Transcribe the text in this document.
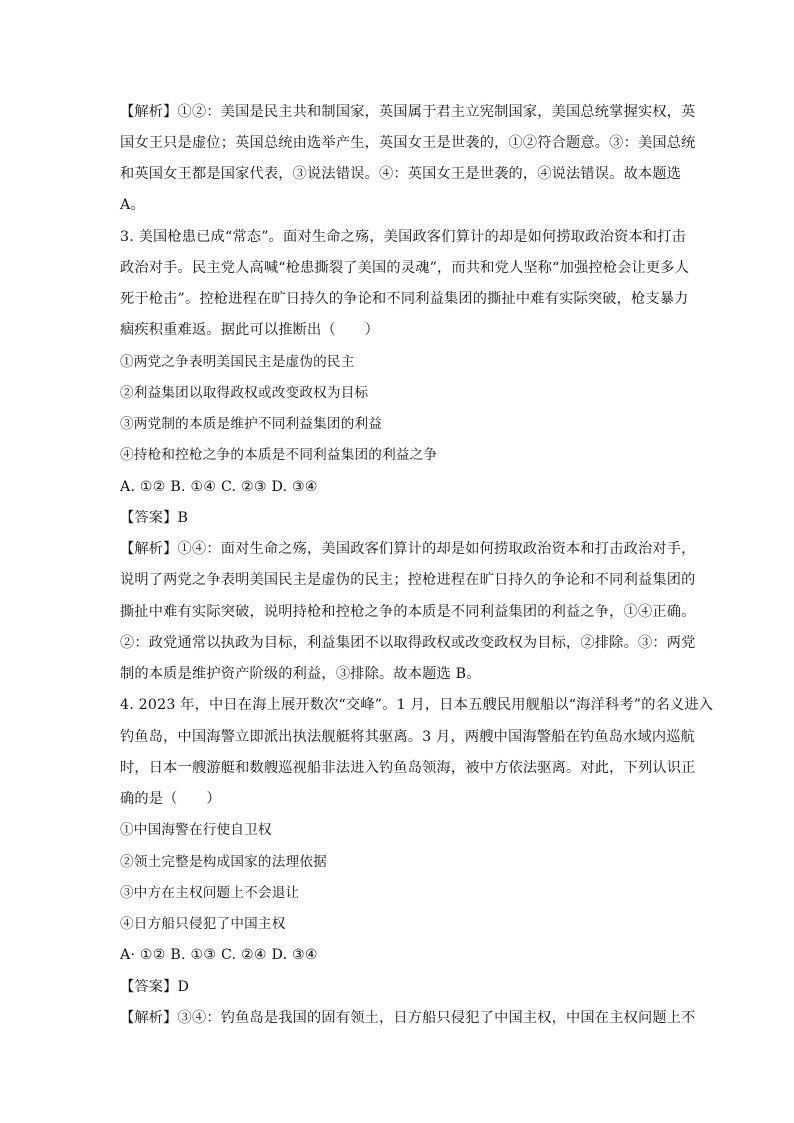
【解析】①②：美国是民主共和制国家，英国属于君主立宪制国家，美国总统掌握实权，英
国女王只是虚位；英国总统由选举产生，英国女王是世袭的，①②符合题意。③：美国总统
和英国女王都是国家代表，③说法错误。④：英国女王是世袭的，④说法错误。故本题选
A。
3. 美国枪患已成“常态”。面对生命之殇，美国政客们算计的却是如何捞取政治资本和打击
政治对手。民主党人高喊“枪患撕裂了美国的灵魂”，而共和党人坚称“加强控枪会让更多人
死于枪击”。控枪进程在旷日持久的争论和不同利益集团的撕扯中难有实际突破，枪支暴力
痼疾积重难返。据此可以推断出（　　）
①两党之争表明美国民主是虚伪的民主
②利益集团以取得政权或改变政权为目标
③两党制的本质是维护不同利益集团的利益
④持枪和控枪之争的本质是不同利益集团的利益之争
A. ①② B. ①④ C. ②③ D. ③④
【答案】B
【解析】①④：面对生命之殇，美国政客们算计的却是如何捞取政治资本和打击政治对手，
说明了两党之争表明美国民主是虚伪的民主；控枪进程在旷日持久的争论和不同利益集团的
撕扯中难有实际突破，说明持枪和控枪之争的本质是不同利益集团的利益之争，①④正确。
②：政党通常以执政为目标，利益集团不以取得政权或改变政权为目标，②排除。③：两党
制的本质是维护资产阶级的利益，③排除。故本题选 B。
4. 2023 年，中日在海上展开数次“交峰”。1 月，日本五艘民用舰船以“海洋科考”的名义进入
钓鱼岛，中国海警立即派出执法舰艇将其驱离。3 月，两艘中国海警船在钓鱼岛水域内巡航
时，日本一艘游艇和数艘巡视船非法进入钓鱼岛领海，被中方依法驱离。对此，下列认识正
确的是（　　）
①中国海警在行使自卫权
②领土完整是构成国家的法理依据
③中方在主权问题上不会退让
④日方船只侵犯了中国主权
A· ①② B. ①③ C. ②④ D. ③④
【答案】D
【解析】③④：钓鱼岛是我国的固有领土，日方船只侵犯了中国主权，中国在主权问题上不
